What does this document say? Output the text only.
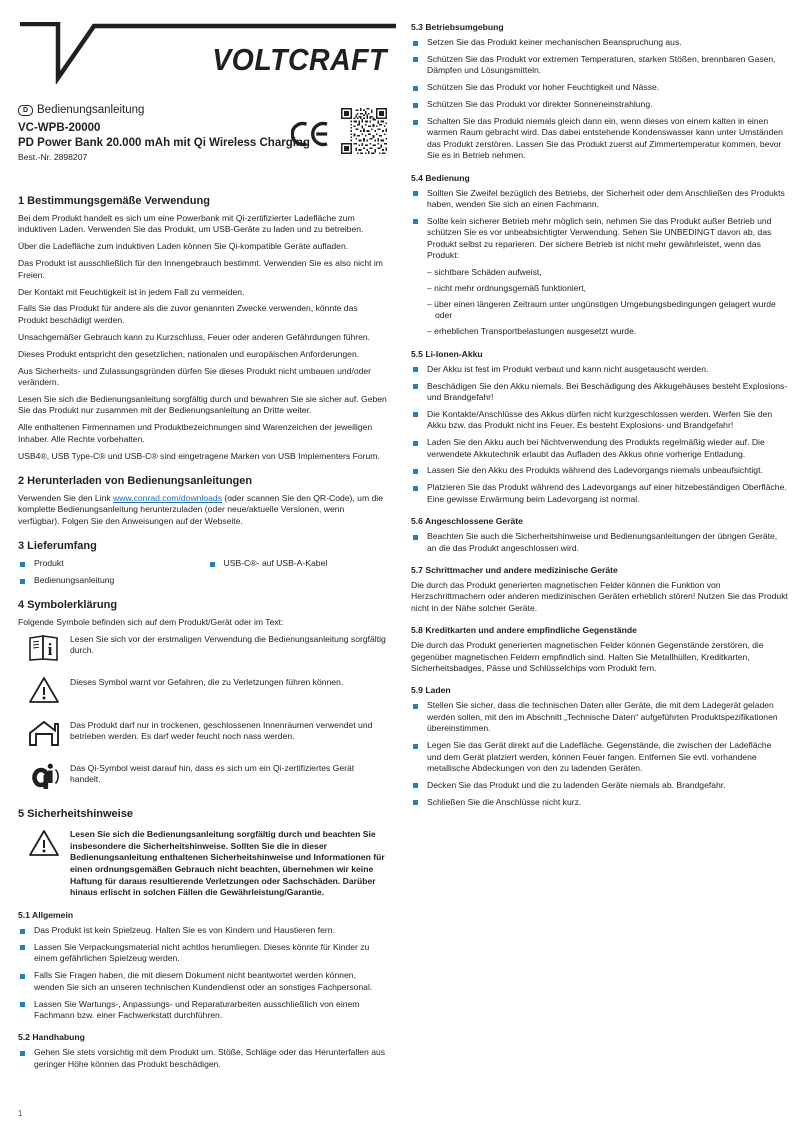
VOLTCRAFT
D Bedienungsanleitung
VC-WPB-20000
PD Power Bank 20.000 mAh mit Qi Wireless Charging
Best.-Nr. 2898207
1 Bestimmungsgemäße Verwendung

Bei dem Produkt handelt es sich um eine Powerbank mit Qi-zertifizierter Ladefläche zum induktiven Laden. Verwenden Sie das Produkt, um USB-Geräte zu laden und zu betreiben.

Über die Ladefläche zum induktiven Laden können Sie Qi-kompatible Geräte aufladen.

Das Produkt ist ausschließlich für den Innengebrauch bestimmt. Verwenden Sie es also nicht im Freien.

Der Kontakt mit Feuchtigkeit ist in jedem Fall zu vermeiden.

Falls Sie das Produkt für andere als die zuvor genannten Zwecke verwenden, könnte das Produkt beschädigt werden.

Unsachgemäßer Gebrauch kann zu Kurzschluss, Feuer oder anderen Gefährdungen führen.

Dieses Produkt entspricht den gesetzlichen, nationalen und europäischen Anforderungen.

Aus Sicherheits- und Zulassungsgründen dürfen Sie dieses Produkt nicht umbauen und/oder verändern.

Lesen Sie sich die Bedienungsanleitung sorgfältig durch und bewahren Sie sie sicher auf. Geben Sie das Produkt nur zusammen mit der Bedienungsanleitung an Dritte weiter.

Alle enthaltenen Firmennamen und Produktbezeichnungen sind Warenzeichen der jeweiligen Inhaber. Alle Rechte vorbehalten.

USB4®, USB Type-C® und USB-C® sind eingetragene Marken von USB Implementers Forum.

2 Herunterladen von Bedienungsanleitungen

Verwenden Sie den Link www.conrad.com/downloads (oder scannen Sie den QR-Code), um die komplette Bedienungsanleitung herunterzuladen (oder neue/aktuelle Versionen, wenn verfügbar). Folgen Sie den Anweisungen auf der Webseite.

3 Lieferumfang
Produkt
Bedienungsanleitung
USB-C®- auf USB-A-Kabel
4 Symbolerklärung

Folgende Symbole befinden sich auf dem Produkt/Gerät oder im Text:

i
Lesen Sie sich vor der erstmaligen Verwendung die Bedienungsanleitung sorgfältig durch.
Dieses Symbol warnt vor Gefahren, die zu Verletzungen führen können.
Das Produkt darf nur in trockenen, geschlossenen Innenräumen verwendet und betrieben werden. Es darf weder feucht noch nass werden.
Das Qi-Symbol weist darauf hin, dass es sich um ein Qi-zertifiziertes Gerät handelt.
5 Sicherheitshinweise
Lesen Sie sich die Bedienungsanleitung sorgfältig durch und beachten Sie insbesondere die Sicherheitshinweise. Sollten Sie die in dieser Bedienungsanleitung enthaltenen Sicherheitshinweise und Informationen für einen ordnungsgemäßen Gebrauch nicht beachten, übernehmen wir keine Haftung für daraus resultierende Verletzungen oder Sachschäden. Darüber hinaus erlischt in solchen Fällen die Gewährleistung/Garantie.
5.1 Allgemein
Das Produkt ist kein Spielzeug. Halten Sie es von Kindern und Haustieren fern.
Lassen Sie Verpackungsmaterial nicht achtlos herumliegen. Dieses könnte für Kinder zu einem gefährlichen Spielzeug werden.
Falls Sie Fragen haben, die mit diesem Dokument nicht beantwortet werden können, wenden Sie sich an unseren technischen Kundendienst oder an sonstiges Fachpersonal.
Lassen Sie Wartungs-, Anpassungs- und Reparaturarbeiten ausschließlich von einem Fachmann bzw. einer Fachwerkstatt durchführen.
5.2 Handhabung
Gehen Sie stets vorsichtig mit dem Produkt um. Stöße, Schläge oder das Herunterfallen aus geringer Höhe können das Produkt beschädigen.
1
5.3 Betriebsumgebung
Setzen Sie das Produkt keiner mechanischen Beanspruchung aus.
Schützen Sie das Produkt vor extremen Temperaturen, starken Stößen, brennbaren Gasen, Dämpfen und Lösungsmitteln.
Schützen Sie das Produkt vor hoher Feuchtigkeit und Nässe.
Schützen Sie das Produkt vor direkter Sonneneinstrahlung.
Schalten Sie das Produkt niemals gleich dann ein, wenn dieses von einem kalten in einen warmen Raum gebracht wird. Das dabei entstehende Kondenswasser kann unter Umständen das Produkt zerstören. Lassen Sie das Produkt zuerst auf Zimmertemperatur kommen, bevor Sie es in Betrieb nehmen.
5.4 Bedienung
Sollten Sie Zweifel bezüglich des Betriebs, der Sicherheit oder dem Anschließen des Produkts haben, wenden Sie sich an einen Fachmann.
Sollte kein sicherer Betrieb mehr möglich sein, nehmen Sie das Produkt außer Betrieb und schützen Sie es vor unbeabsichtigter Verwendung. Sehen Sie UNBEDINGT davon ab, das Produkt selbst zu reparieren. Der sichere Betrieb ist nicht mehr gewährleistet, wenn das Produkt:
– sichtbare Schäden aufweist,
– nicht mehr ordnungsgemäß funktioniert,
– über einen längeren Zeitraum unter ungünstigen Umgebungsbedingungen gelagert wurde oder
– erheblichen Transportbelastungen ausgesetzt wurde.
5.5 Li-Ionen-Akku
Der Akku ist fest im Produkt verbaut und kann nicht ausgetauscht werden.
Beschädigen Sie den Akku niemals. Bei Beschädigung des Akkugehäuses besteht Explosions- und Brandgefahr!
Die Kontakte/Anschlüsse des Akkus dürfen nicht kurzgeschlossen werden. Werfen Sie den Akku bzw. das Produkt nicht ins Feuer. Es besteht Explosions- und Brandgefahr!
Laden Sie den Akku auch bei Nichtverwendung des Produkts regelmäßig wieder auf. Die verwendete Akkutechnik erlaubt das Aufladen des Akkus ohne vorherige Entladung.
Lassen Sie den Akku des Produkts während des Ladevorgangs niemals unbeaufsichtigt.
Platzieren Sie das Produkt während des Ladevorgangs auf einer hitzebeständigen Oberfläche. Eine gewisse Erwärmung beim Ladevorgang ist normal.
5.6 Angeschlossene Geräte
Beachten Sie auch die Sicherheitshinweise und Bedienungsanleitungen der übrigen Geräte, an die das Produkt angeschlossen wird.
5.7 Schrittmacher und andere medizinische Geräte

Die durch das Produkt generierten magnetischen Felder können die Funktion von Herzschrittmachern oder anderen medizinischen Geräten erheblich stören! Nutzen Sie das Produkt nicht in der Nähe solcher Geräte.

5.8 Kreditkarten und andere empfindliche Gegenstände

Die durch das Produkt generierten magnetischen Felder können Gegenstände zerstören, die gegenüber magnetischen Feldern empfindlich sind. Halten Sie Metallhüllen, Kreditkarten, Sicherheitsbadges, Pässe und Schlüsselchips vom Produkt fern.

5.9 Laden
Stellen Sie sicher, dass die technischen Daten aller Geräte, die mit dem Ladegerät geladen werden sollen, mit den im Abschnitt „Technische Daten“ aufgeführten Produktspezifikationen übereinstimmen.
Legen Sie das Gerät direkt auf die Ladefläche. Gegenstände, die zwischen der Ladefläche und dem Gerät platziert werden, können Feuer fangen. Entfernen Sie evtl. vorhandene metallische Abdeckungen von den zu ladenden Geräten.
Decken Sie das Produkt und die zu ladenden Geräte niemals ab. Brandgefahr.
Schließen Sie die Anschlüsse nicht kurz.
